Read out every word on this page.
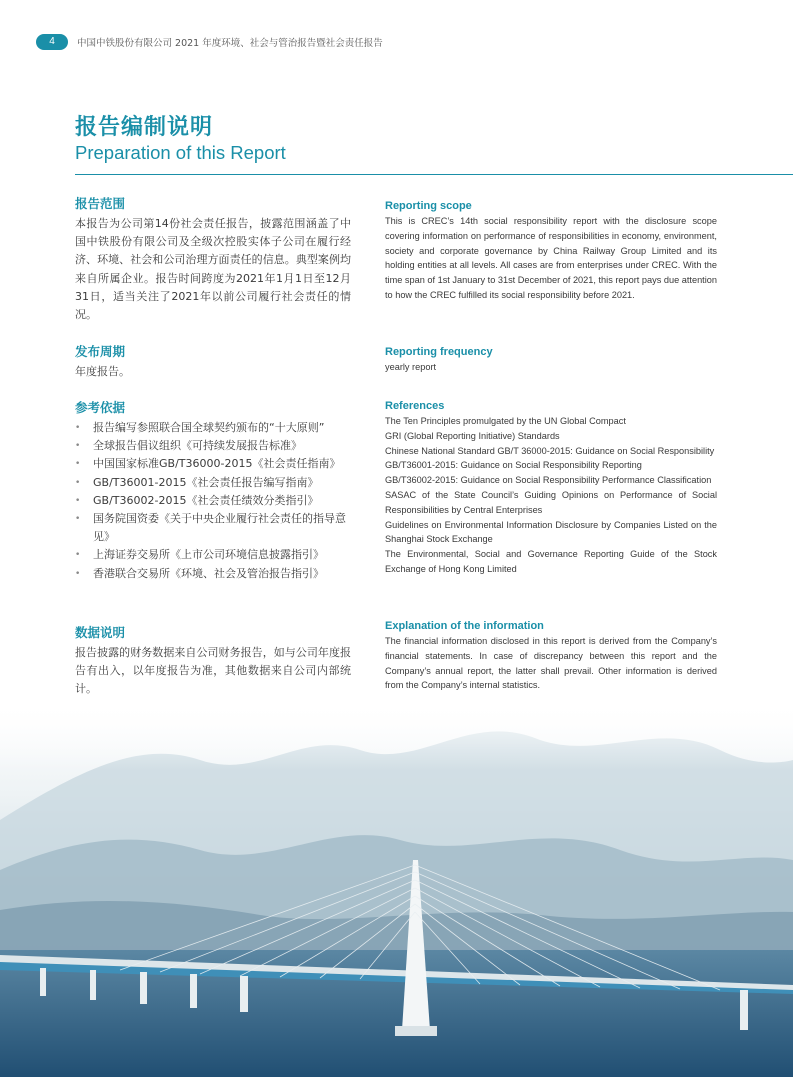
4	中国中铁股份有限公司 2021 年度环境、社会与管治报告暨社会责任报告
报告编制说明
Preparation of this Report
报告范围

本报告为公司第14份社会责任报告，披露范围涵盖了中国中铁股份有限公司及全级次控股实体子公司在履行经济、环境、社会和公司治理方面责任的信息。典型案例均来自所属企业。报告时间跨度为2021年1月1日至12月31日，适当关注了2021年以前公司履行社会责任的情况。

发布周期

年度报告。

参考依据
• 报告编写参照联合国全球契约颁布的“十大原则”
• 全球报告倡议组织《可持续发展报告标准》
• 中国国家标准GB/T36000-2015《社会责任指南》
• GB/T36001-2015《社会责任报告编写指南》
• GB/T36002-2015《社会责任绩效分类指引》
• 国务院国资委《关于中央企业履行社会责任的指导意见》
• 上海证券交易所《上市公司环境信息披露指引》
• 香港联合交易所《环境、社会及管治报告指引》
数据说明

报告披露的财务数据来自公司财务报告，如与公司年度报告有出入，以年度报告为准，其他数据来自公司内部统计。

Reporting scope

This is CREC’s 14th social responsibility report with the disclosure scope covering information on performance of responsibilities in economy, environment, society and corporate governance by China Railway Group Limited and its holding entities at all levels. All cases are from enterprises under CREC. With the time span of 1st January to 31st December of 2021, this report pays due attention to how the CREC fulfilled its social responsibility before 2021.

Reporting frequency

yearly report

References
The Ten Principles promulgated by the UN Global Compact
GRI (Global Reporting Initiative) Standards
Chinese National Standard GB/T 36000-2015: Guidance on Social Responsibility
GB/T36001-2015: Guidance on Social Responsibility Reporting
GB/T36002-2015: Guidance on Social Responsibility Performance Classification
SASAC of the State Council’s Guiding Opinions on Performance of Social Responsibilities by Central Enterprises
Guidelines on Environmental Information Disclosure by Companies Listed on the Shanghai Stock Exchange
The Environmental, Social and Governance Reporting Guide of the Stock Exchange of Hong Kong Limited
Explanation of the information

The financial information disclosed in this report is derived from the Company’s financial statements. In case of discrepancy between this report and the Company’s annual report, the latter shall prevail. Other information is derived from the Company’s internal statistics.
